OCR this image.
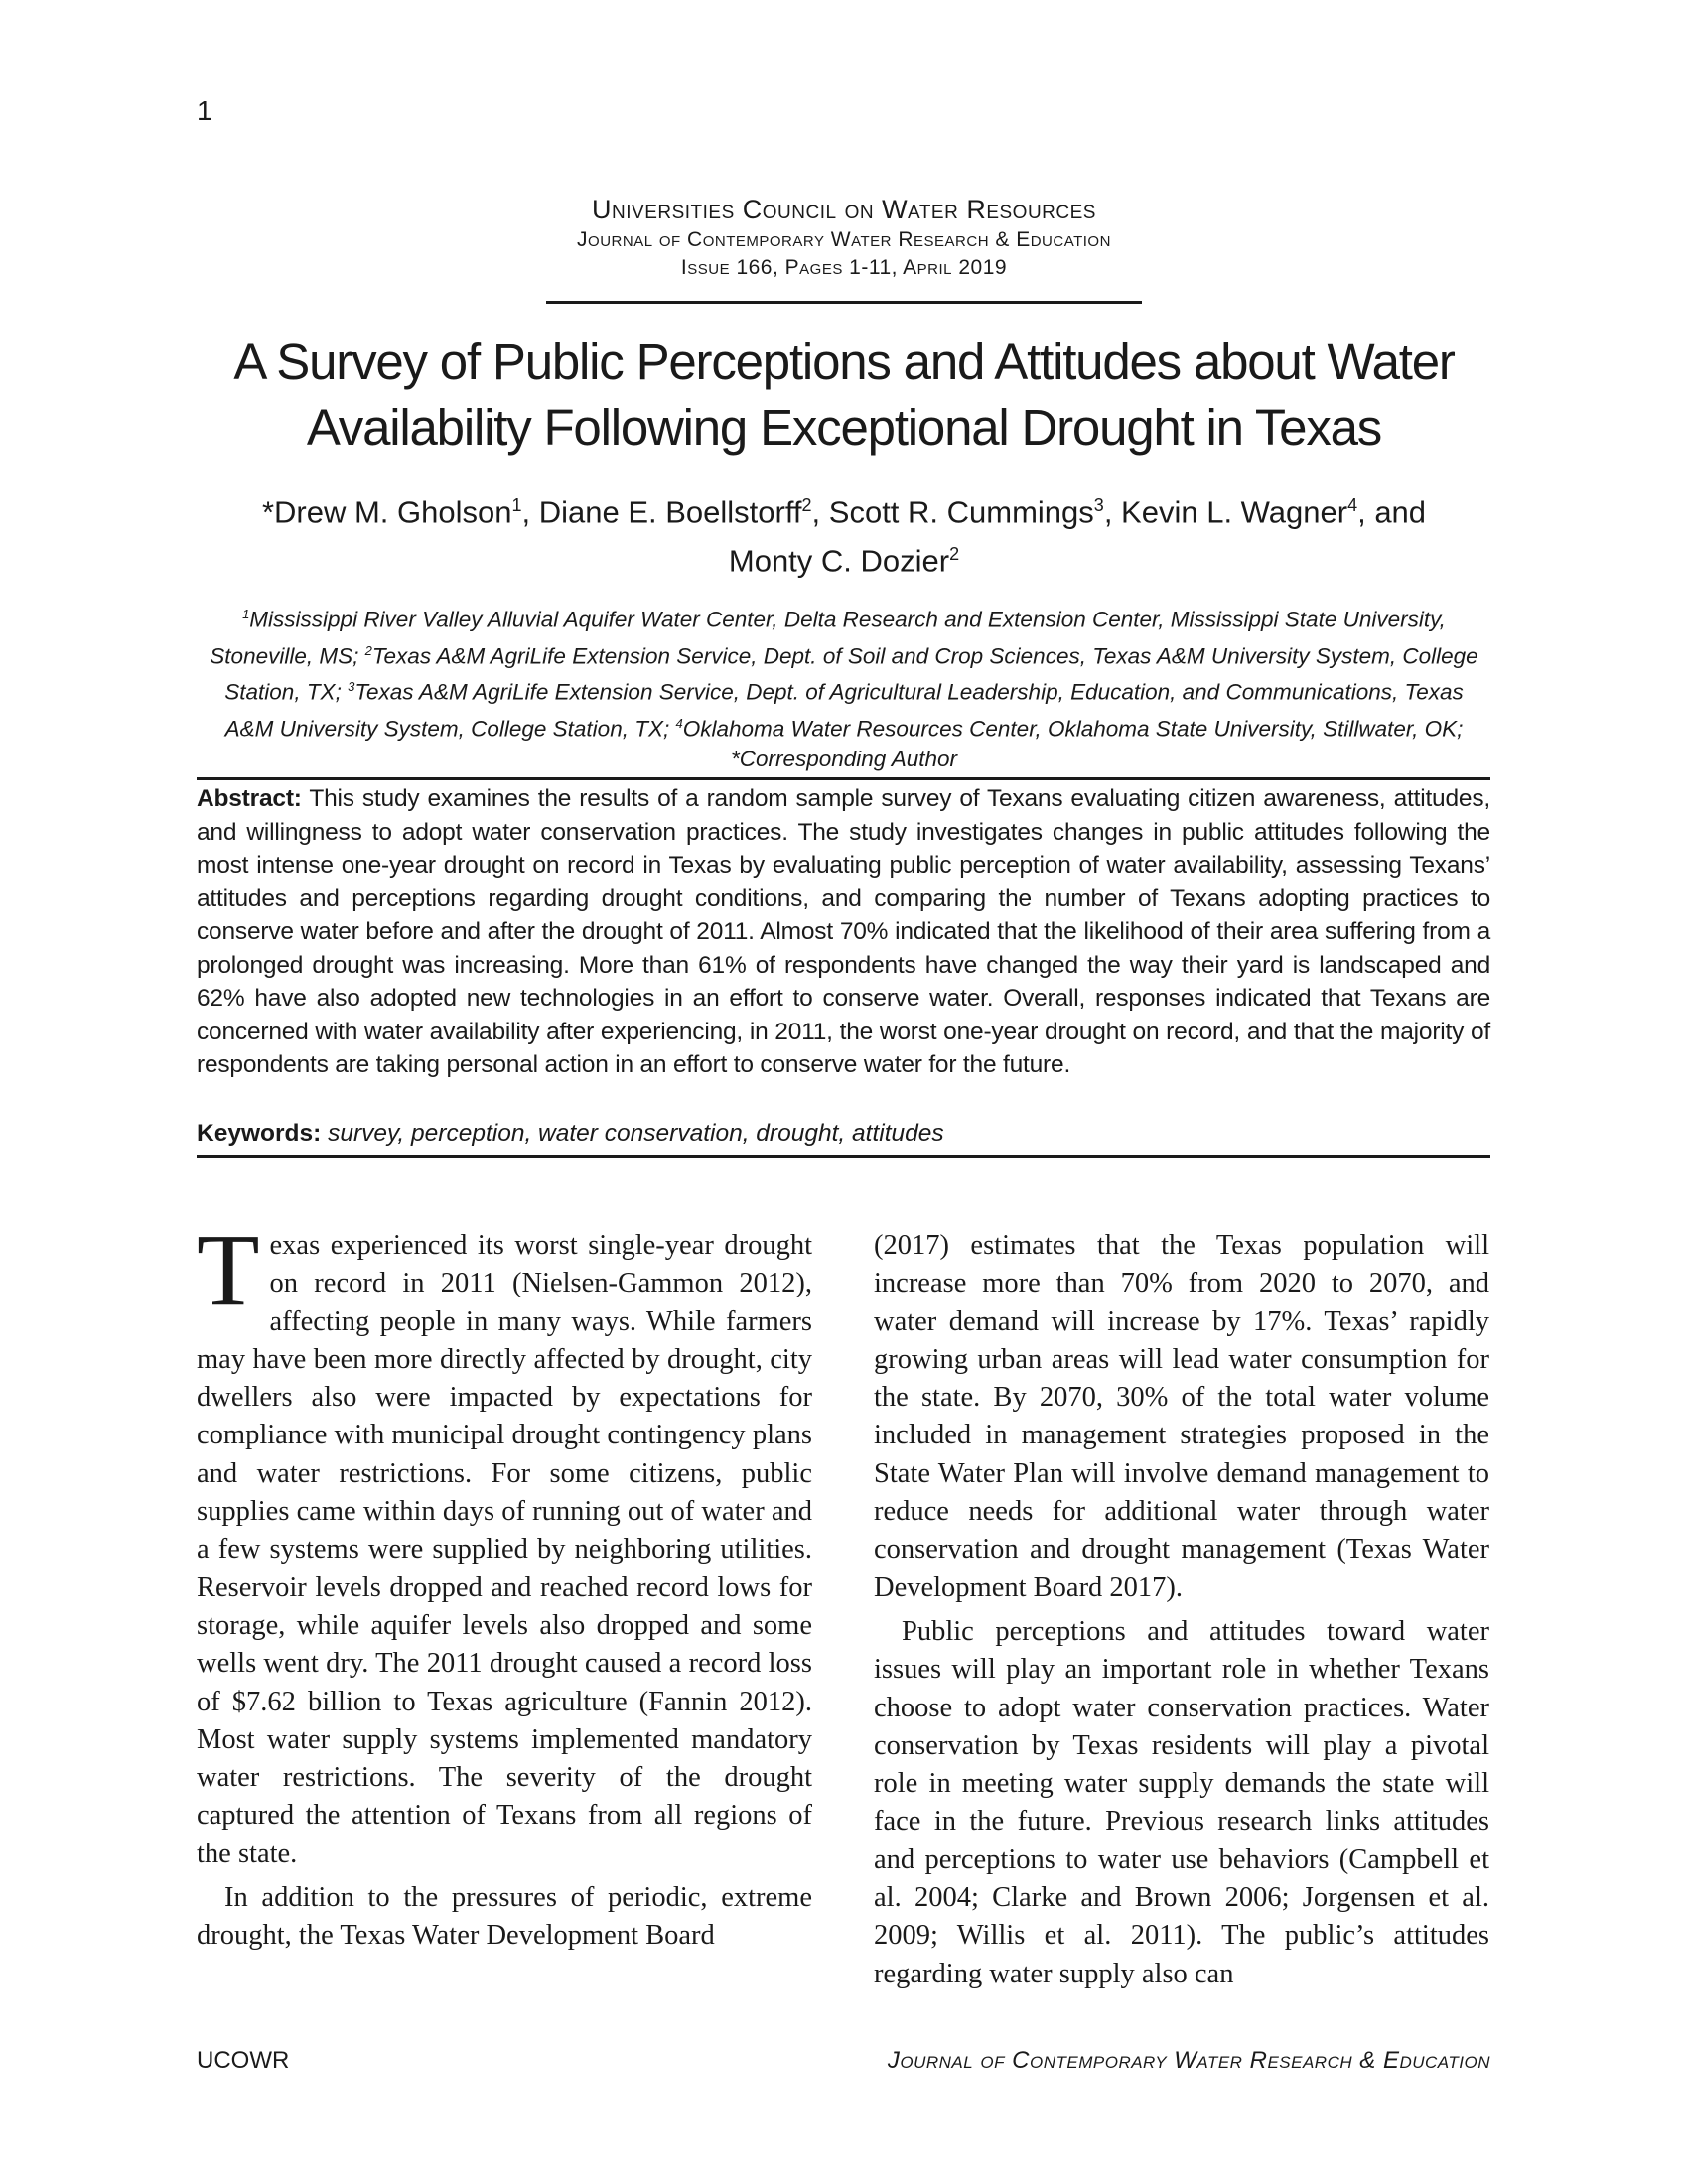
1
Universities Council on Water Resources
Journal of Contemporary Water Research & Education
Issue 166, Pages 1-11, April 2019
A Survey of Public Perceptions and Attitudes about Water Availability Following Exceptional Drought in Texas
*Drew M. Gholson$^1$, Diane E. Boellstorff$^2$, Scott R. Cummings$^3$, Kevin L. Wagner$^4$, and
Monty C. Dozier$^2$
$^1$Mississippi River Valley Alluvial Aquifer Water Center, Delta Research and Extension Center, Mississippi State University, Stoneville, MS; $^2$Texas A&M AgriLife Extension Service, Dept. of Soil and Crop Sciences, Texas A&M University System, College Station, TX; $^3$Texas A&M AgriLife Extension Service, Dept. of Agricultural Leadership, Education, and Communications, Texas A&M University System, College Station, TX; $^4$Oklahoma Water Resources Center, Oklahoma State University, Stillwater, OK; *Corresponding Author
Abstract: This study examines the results of a random sample survey of Texans evaluating citizen awareness, attitudes, and willingness to adopt water conservation practices. The study investigates changes in public attitudes following the most intense one-year drought on record in Texas by evaluating public perception of water availability, assessing Texans’ attitudes and perceptions regarding drought conditions, and comparing the number of Texans adopting practices to conserve water before and after the drought of 2011. Almost 70% indicated that the likelihood of their area suffering from a prolonged drought was increasing. More than 61% of respondents have changed the way their yard is landscaped and 62% have also adopted new technologies in an effort to conserve water. Overall, responses indicated that Texans are concerned with water availability after experiencing, in 2011, the worst one-year drought on record, and that the majority of respondents are taking personal action in an effort to conserve water for the future.
Keywords: survey, perception, water conservation, drought, attitudes

Texas experienced its worst single-year drought on record in 2011 (Nielsen-Gammon 2012), affecting people in many ways. While farmers may have been more directly affected by drought, city dwellers also were impacted by expectations for compliance with municipal drought contingency plans and water restrictions. For some citizens, public supplies came within days of running out of water and a few systems were supplied by neighboring utilities. Reservoir levels dropped and reached record lows for storage, while aquifer levels also dropped and some wells went dry. The 2011 drought caused a record loss of $7.62 billion to Texas agriculture (Fannin 2012). Most water supply systems implemented mandatory water restrictions. The severity of the drought captured the attention of Texans from all regions of the state.

In addition to the pressures of periodic, extreme drought, the Texas Water Development Board

(2017) estimates that the Texas population will increase more than 70% from 2020 to 2070, and water demand will increase by 17%. Texas’ rapidly growing urban areas will lead water consumption for the state. By 2070, 30% of the total water volume included in management strategies proposed in the State Water Plan will involve demand management to reduce needs for additional water through water conservation and drought management (Texas Water Development Board 2017).

Public perceptions and attitudes toward water issues will play an important role in whether Texans choose to adopt water conservation practices. Water conservation by Texas residents will play a pivotal role in meeting water supply demands the state will face in the future. Previous research links attitudes and perceptions to water use behaviors (Campbell et al. 2004; Clarke and Brown 2006; Jorgensen et al. 2009; Willis et al. 2011). The public’s attitudes regarding water supply also can

UCOWR	Journal of Contemporary Water Research & Education
